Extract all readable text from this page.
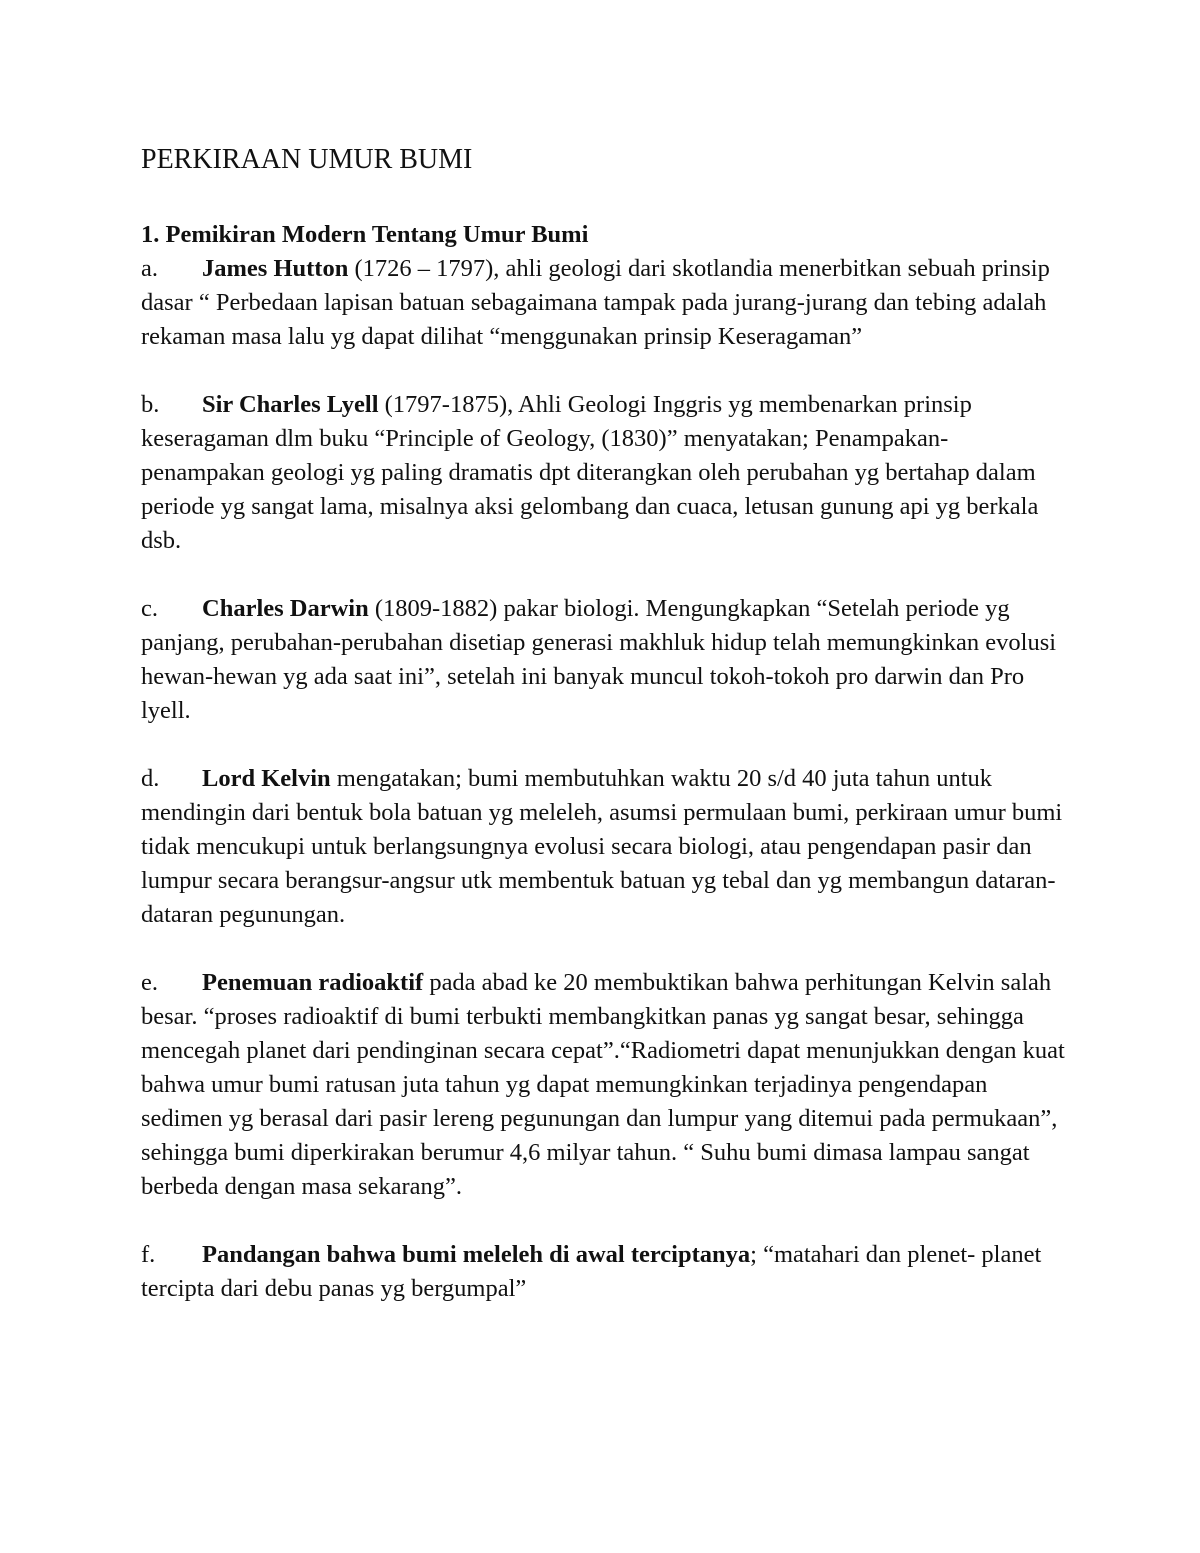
PERKIRAAN UMUR BUMI
1. Pemikiran Modern Tentang Umur Bumi
a. James Hutton (1726 – 1797), ahli geologi dari skotlandia menerbitkan sebuah prinsip dasar “ Perbedaan lapisan batuan sebagaimana tampak pada jurang-jurang dan tebing adalah rekaman masa lalu yg dapat dilihat “menggunakan prinsip Keseragaman”
b. Sir Charles Lyell (1797-1875), Ahli Geologi Inggris yg membenarkan prinsip keseragaman dlm buku “Principle of Geology, (1830)” menyatakan; Penampakan- penampakan geologi yg paling dramatis dpt diterangkan oleh perubahan yg bertahap dalam periode yg sangat lama, misalnya aksi gelombang dan cuaca, letusan gunung api yg berkala dsb.
c. Charles Darwin (1809-1882) pakar biologi. Mengungkapkan “Setelah periode yg panjang, perubahan-perubahan disetiap generasi makhluk hidup telah memungkinkan evolusi hewan-hewan yg ada saat ini”, setelah ini banyak muncul tokoh-tokoh pro darwin dan Pro lyell.
d. Lord Kelvin mengatakan; bumi membutuhkan waktu 20 s/d 40 juta tahun untuk mendingin dari bentuk bola batuan yg meleleh, asumsi permulaan bumi, perkiraan umur bumi tidak mencukupi untuk berlangsungnya evolusi secara biologi, atau pengendapan pasir dan lumpur secara berangsur-angsur utk membentuk batuan yg tebal dan yg membangun dataran-dataran pegunungan.
e. Penemuan radioaktif pada abad ke 20 membuktikan bahwa perhitungan Kelvin salah besar. “proses radioaktif di bumi terbukti membangkitkan panas yg sangat besar, sehingga mencegah planet dari pendinginan secara cepat”.“Radiometri dapat menunjukkan dengan kuat bahwa umur bumi ratusan juta tahun yg dapat memungkinkan terjadinya pengendapan sedimen yg berasal dari pasir lereng pegunungan dan lumpur yang ditemui pada permukaan”, sehingga bumi diperkirakan berumur 4,6 milyar tahun. “ Suhu bumi dimasa lampau sangat berbeda dengan masa sekarang”.
f. Pandangan bahwa bumi meleleh di awal terciptanya; “matahari dan plenet- planet tercipta dari debu panas yg bergumpal”
